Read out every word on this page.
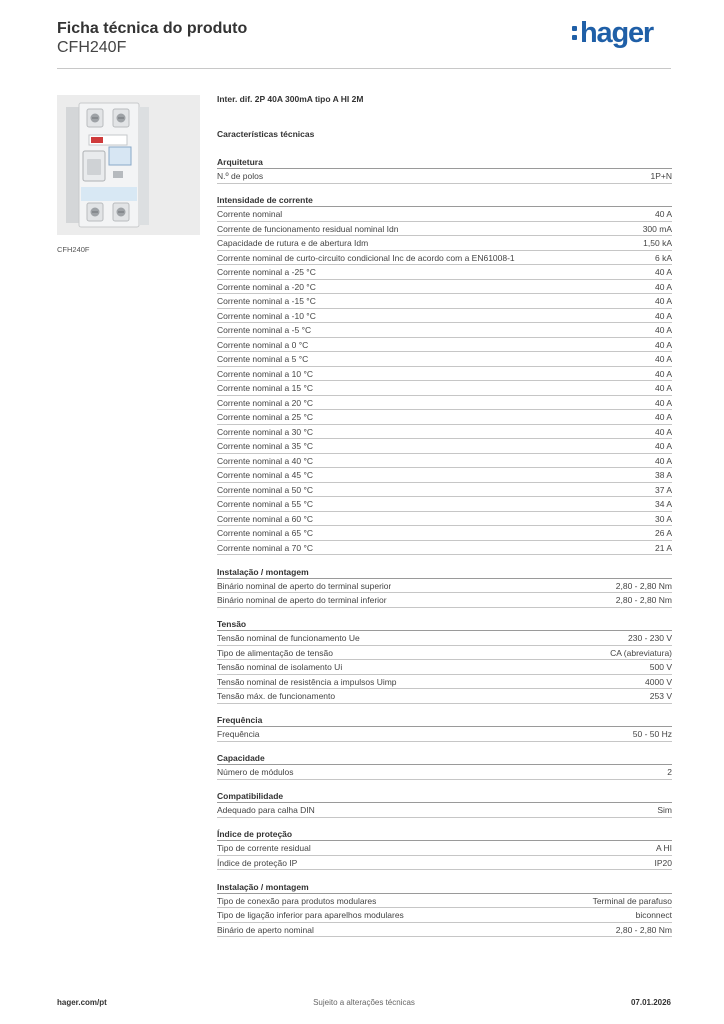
Ficha técnica do produto
CFH240F	hager
CFH240F
Inter. dif. 2P 40A 300mA tipo A HI 2M
Características técnicas
Arquitetura
N.º de polos	1P+N
Intensidade de corrente
Corrente nominal	40 A
Corrente de funcionamento residual nominal Idn	300 mA
Capacidade de rutura e de abertura Idm	1,50 kA
Corrente nominal de curto-circuito condicional Inc de acordo com a EN61008-1	6 kA
Corrente nominal a -25 °C	40 A
Corrente nominal a -20 °C	40 A
Corrente nominal a -15 °C	40 A
Corrente nominal a -10 °C	40 A
Corrente nominal a -5 °C	40 A
Corrente nominal a 0 °C	40 A
Corrente nominal a 5 °C	40 A
Corrente nominal a 10 °C	40 A
Corrente nominal a 15 °C	40 A
Corrente nominal a 20 °C	40 A
Corrente nominal a 25 °C	40 A
Corrente nominal a 30 °C	40 A
Corrente nominal a 35 °C	40 A
Corrente nominal a 40 °C	40 A
Corrente nominal a 45 °C	38 A
Corrente nominal a 50 °C	37 A
Corrente nominal a 55 °C	34 A
Corrente nominal a 60 °C	30 A
Corrente nominal a 65 °C	26 A
Corrente nominal a 70 °C	21 A
Instalação / montagem
Binário nominal de aperto do terminal superior	2,80 - 2,80 Nm
Binário nominal de aperto do terminal inferior	2,80 - 2,80 Nm
Tensão
Tensão nominal de funcionamento Ue	230 - 230 V
Tipo de alimentação de tensão	CA (abreviatura)
Tensão nominal de isolamento Ui	500 V
Tensão nominal de resistência a impulsos Uimp	4000 V
Tensão máx. de funcionamento	253 V
Frequência
Frequência	50 - 50 Hz
Capacidade
Número de módulos	2
Compatibilidade
Adequado para calha DIN	Sim
Índice de proteção
Tipo de corrente residual	A HI
Índice de proteção IP	IP20
Instalação / montagem
Tipo de conexão para produtos modulares	Terminal de parafuso
Tipo de ligação inferior para aparelhos modulares	biconnect
Binário de aperto nominal	2,80 - 2,80 Nm
hager.com/pt	Sujeito a alterações técnicas	07.01.2026
